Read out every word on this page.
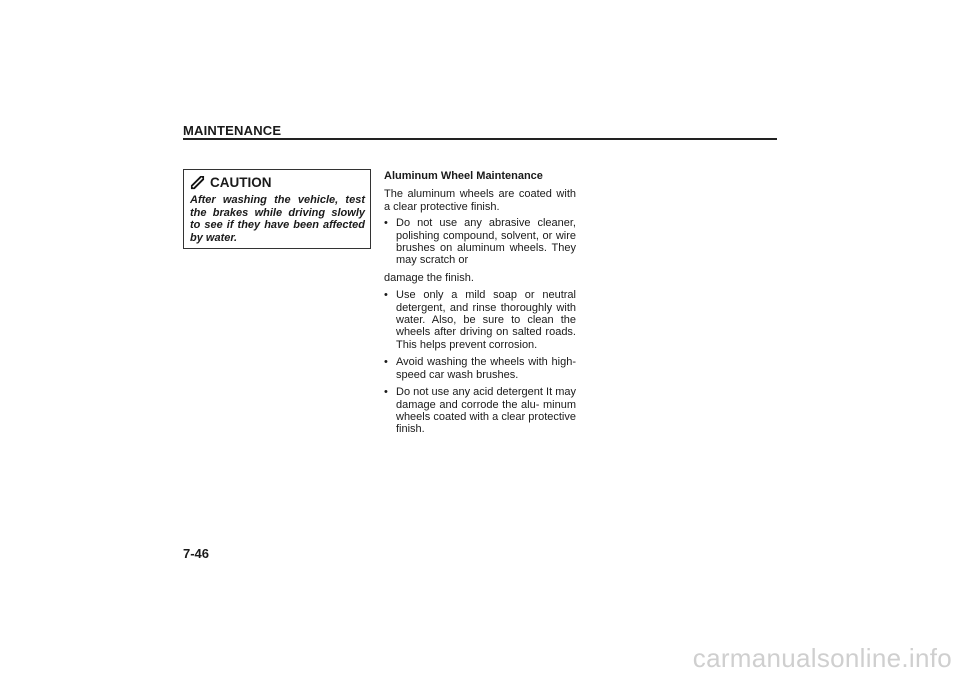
MAINTENANCE
CAUTION
After washing the vehicle, test the brakes while driving slowly to see if they have been affected by water.
Aluminum Wheel Maintenance
The aluminum wheels are coated with a clear protective finish.
• Do not use any abrasive cleaner, polishing compound, solvent, or wire brushes on aluminum wheels. They may scratch or
damage the finish.
• Use only a mild soap or neutral detergent, and rinse thoroughly with water. Also, be sure to clean the wheels after driving on salted roads. This helps prevent corrosion.
• Avoid washing the wheels with high-speed car wash brushes.
• Do not use any acid detergent It may damage and corrode the alu- minum wheels coated with a clear protective finish.
7-46
carmanualsonline.info
